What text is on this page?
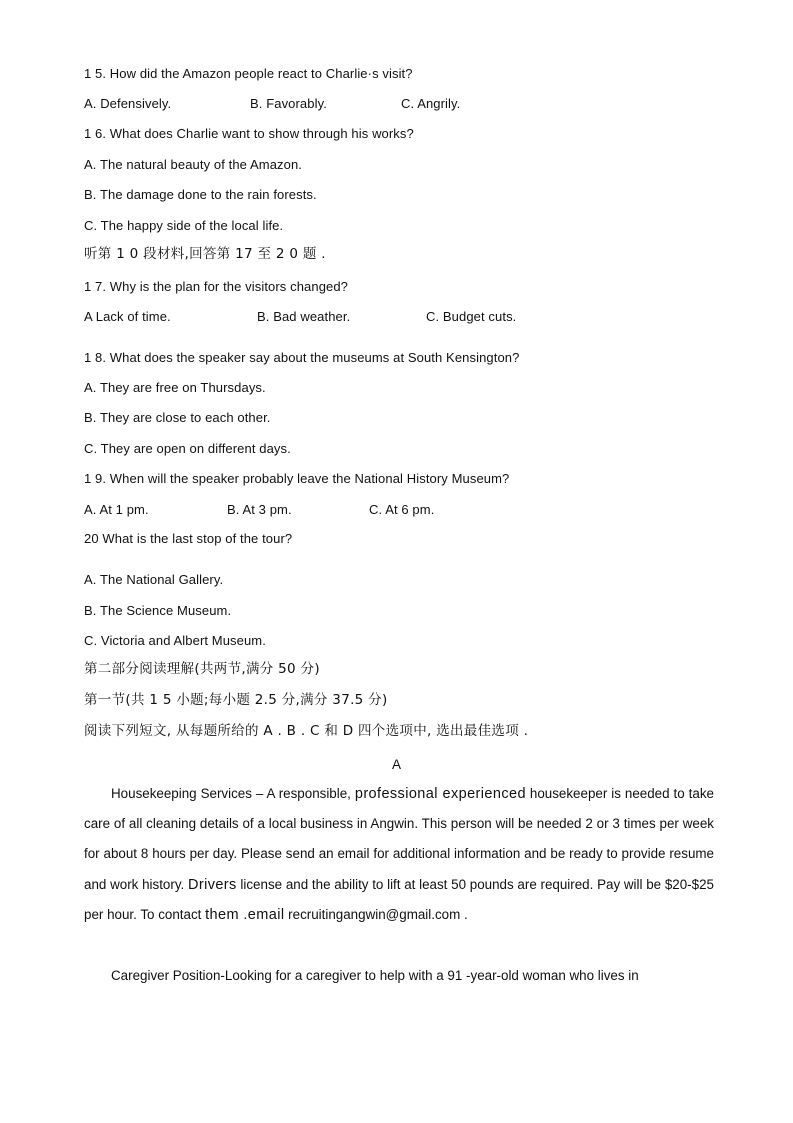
1 5. How did the Amazon people react to Charlie·s visit?
A. Defensively.	B. Favorably.	C. Angrily.
1 6. What does Charlie want to show through his works?
A. The natural beauty of the Amazon.
B. The damage done to the rain forests.
C. The happy side of the local life.
听第 1 0 段材料,回答第 17 至 2 0 题 .
1 7. Why is the plan for the visitors changed?
A Lack of time.	B. Bad weather.	C. Budget cuts.
1 8. What does the speaker say about the museums at South Kensington?
A. They are free on Thursdays.
B. They are close to each other.
C. They are open on different days.
1 9. When will the speaker probably leave the National History Museum?
A. At 1 pm.	B. At 3 pm.	C. At 6 pm.
20 What is the last stop of the tour?
A. The National Gallery.
B. The Science Museum.
C. Victoria and Albert Museum.
第二部分阅读理解(共两节,满分 50 分)
第一节(共 1 5 小题;每小题 2.5 分,满分 37.5 分)
阅读下列短文, 从每题所给的 A . B . C 和 D 四个选项中, 选出最佳选项 .
A
Housekeeping Services – A responsible, professional experienced housekeeper is needed to take care of all cleaning details of a local business in Angwin. This person will be needed 2 or 3 times per week for about 8 hours per day. Please send an email for additional information and be ready to provide resume and work history. Drivers license and the ability to lift at least 50 pounds are required. Pay will be $20-$25 per hour. To contact them .email recruitingangwin@gmail.com .
Caregiver Position-Looking for a caregiver to help with a 91 -year-old woman who lives in
